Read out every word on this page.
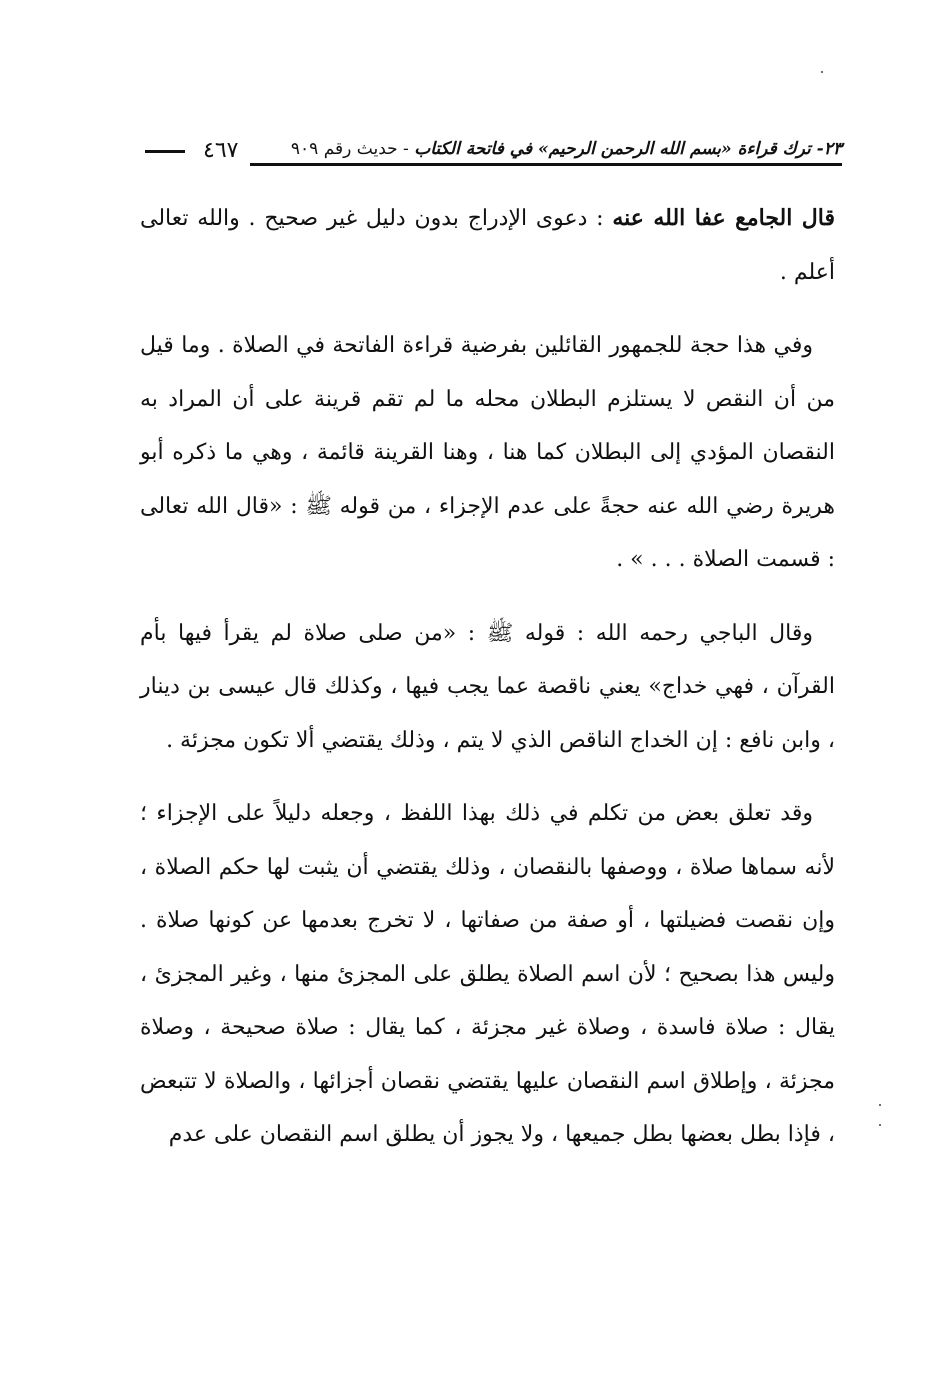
٢٣- ترك قراءة «بسم الله الرحمن الرحيم» في فاتحة الكتاب - حديث رقم ٩٠٩
٤٦٧

قال الجامع عفا الله عنه : دعوى الإدراج بدون دليل غير صحيح . والله تعالى أعلم .

وفي هذا حجة للجمهور القائلين بفرضية قراءة الفاتحة في الصلاة . وما قيل من أن النقص لا يستلزم البطلان محله ما لم تقم قرينة على أن المراد به النقصان المؤدي إلى البطلان كما هنا ، وهنا القرينة قائمة ، وهي ما ذكره أبو هريرة رضي الله عنه حجةً على عدم الإجزاء ، من قوله ﷺ : «قال الله تعالى : قسمت الصلاة . . . » .

وقال الباجي رحمه الله : قوله ﷺ : «من صلى صلاة لم يقرأ فيها بأم القرآن ، فهي خداج» يعني ناقصة عما يجب فيها ، وكذلك قال عيسى بن دينار ، وابن نافع : إن الخداج الناقص الذي لا يتم ، وذلك يقتضي ألا تكون مجزئة .

وقد تعلق بعض من تكلم في ذلك بهذا اللفظ ، وجعله دليلاً على الإجزاء ؛ لأنه سماها صلاة ، ووصفها بالنقصان ، وذلك يقتضي أن يثبت لها حكم الصلاة ، وإن نقصت فضيلتها ، أو صفة من صفاتها ، لا تخرج بعدمها عن كونها صلاة . وليس هذا بصحيح ؛ لأن اسم الصلاة يطلق على المجزئ منها ، وغير المجزئ ، يقال : صلاة فاسدة ، وصلاة غير مجزئة ، كما يقال : صلاة صحيحة ، وصلاة مجزئة ، وإطلاق اسم النقصان عليها يقتضي نقصان أجزائها ، والصلاة لا تتبعض ، فإذا بطل بعضها بطل جميعها ، ولا يجوز أن يطلق اسم النقصان على عدم
